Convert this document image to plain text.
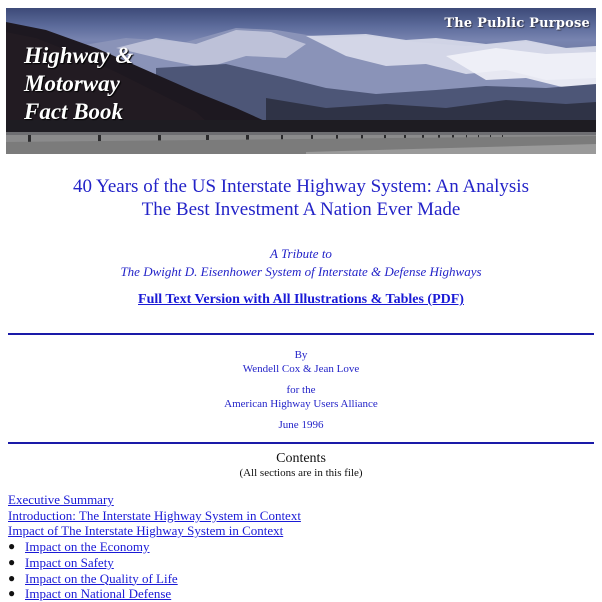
Highway &
Motorway
Fact Book
The Public Purpose
40 Years of the US Interstate Highway System: An Analysis
The Best Investment A Nation Ever Made
A Tribute to
The Dwight D. Eisenhower System of Interstate & Defense Highways
Full Text Version with All Illustrations & Tables (PDF)
By
Wendell Cox & Jean Love
for the
American Highway Users Alliance
June 1996
Contents
(All sections are in this file)
Executive Summary
Introduction: The Interstate Highway System in Context
Impact of The Interstate Highway System in Context
● Impact on the Economy
● Impact on Safety
● Impact on the Quality of Life
● Impact on National Defense
